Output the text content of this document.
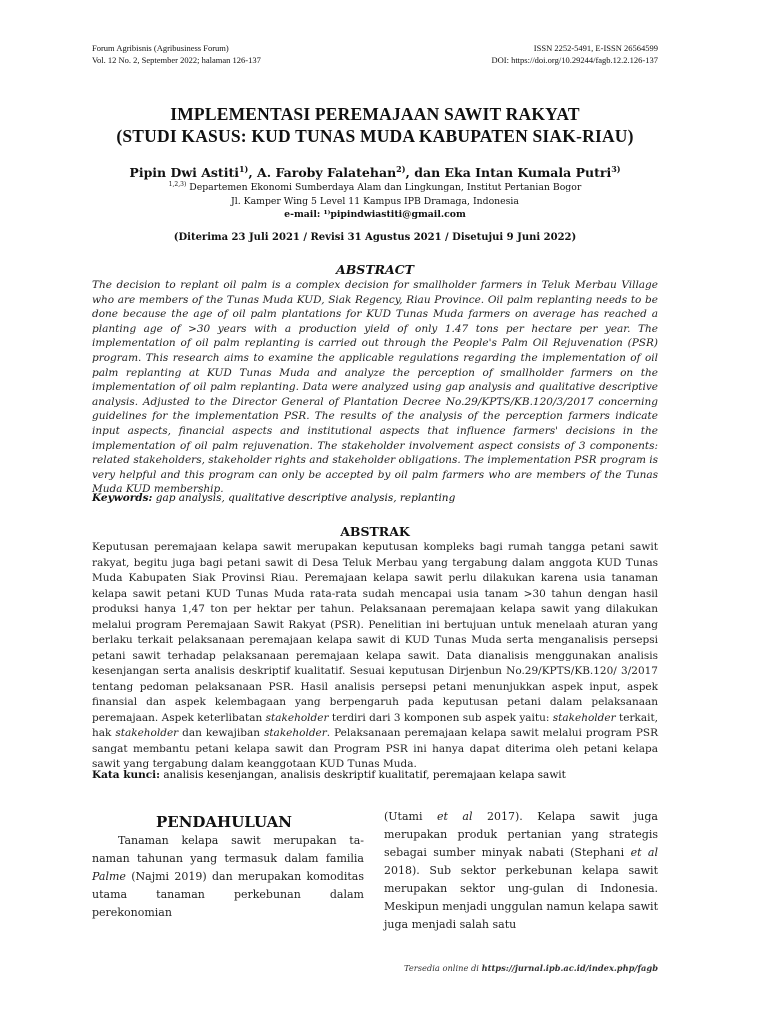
Forum Agribisnis (Agribusiness Forum)
Vol. 12 No. 2, September 2022; halaman 126-137
ISSN 2252-5491, E-ISSN 26564599
DOI: https://doi.org/10.29244/fagb.12.2.126-137
IMPLEMENTASI PEREMAJAAN SAWIT RAKYAT
(STUDI KASUS: KUD TUNAS MUDA KABUPATEN SIAK-RIAU)
Pipin Dwi Astiti$^{1)}$, A. Faroby Falatehan$^{2)}$, dan Eka Intan Kumala Putri$^{3)}$
$^{1,2,3)}$ Departemen Ekonomi Sumberdaya Alam dan Lingkungan, Institut Pertanian Bogor
Jl. Kamper Wing 5 Level 11 Kampus IPB Dramaga, Indonesia
e-mail: ¹⁾pipindwiastiti@gmail.com
(Diterima 23 Juli 2021 / Revisi 31 Agustus 2021 / Disetujui 9 Juni 2022)
ABSTRACT
The decision to replant oil palm is a complex decision for smallholder farmers in Teluk Merbau Village who are members of the Tunas Muda KUD, Siak Regency, Riau Province. Oil palm replanting needs to be done because the age of oil palm plantations for KUD Tunas Muda farmers on average has reached a planting age of >30 years with a production yield of only 1.47 tons per hectare per year. The implementation of oil palm replanting is carried out through the People's Palm Oil Rejuvenation (PSR) program. This research aims to examine the applicable regulations regarding the implementation of oil palm replanting at KUD Tunas Muda and analyze the perception of smallholder farmers on the implementation of oil palm replanting. Data were analyzed using gap analysis and qualitative descriptive analysis. Adjusted to the Director General of Plantation Decree No.29/KPTS/KB.120/3/2017 concerning guidelines for the implementation PSR. The results of the analysis of the perception farmers indicate input aspects, financial aspects and institutional aspects that influence farmers' decisions in the implementation of oil palm rejuvenation. The stakeholder involvement aspect consists of 3 components: related stakeholders, stakeholder rights and stakeholder obligations. The implementation PSR program is very helpful and this program can only be accepted by oil palm farmers who are members of the Tunas Muda KUD membership.
Keywords: gap analysis, qualitative descriptive analysis, replanting
ABSTRAK
Keputusan peremajaan kelapa sawit merupakan keputusan kompleks bagi rumah tangga petani sawit rakyat, begitu juga bagi petani sawit di Desa Teluk Merbau yang tergabung dalam anggota KUD Tunas Muda Kabupaten Siak Provinsi Riau. Peremajaan kelapa sawit perlu dilakukan karena usia tanaman kelapa sawit petani KUD Tunas Muda rata-rata sudah mencapai usia tanam >30 tahun dengan hasil produksi hanya 1,47 ton per hektar per tahun. Pelaksanaan peremajaan kelapa sawit yang dilakukan melalui program Peremajaan Sawit Rakyat (PSR). Penelitian ini bertujuan untuk menelaah aturan yang berlaku terkait pelaksanaan peremajaan kelapa sawit di KUD Tunas Muda serta menganalisis persepsi petani sawit terhadap pelaksanaan peremajaan kelapa sawit. Data dianalisis menggunakan analisis kesenjangan serta analisis deskriptif kualitatif. Sesuai keputusan Dirjenbun No.29/KPTS/KB.120/ 3/2017 tentang pedoman pelaksanaan PSR. Hasil analisis persepsi petani menunjukkan aspek input, aspek finansial dan aspek kelembagaan yang berpengaruh pada keputusan petani dalam pelaksanaan peremajaan. Aspek keterlibatan stakeholder terdiri dari 3 komponen sub aspek yaitu: stakeholder terkait, hak stakeholder dan kewajiban stakeholder. Pelaksanaan peremajaan kelapa sawit melalui program PSR sangat membantu petani kelapa sawit dan Program PSR ini hanya dapat diterima oleh petani kelapa sawit yang tergabung dalam keanggotaan KUD Tunas Muda.
Kata kunci: analisis kesenjangan, analisis deskriptif kualitatif, peremajaan kelapa sawit
PENDAHULUAN
Tanaman kelapa sawit merupakan ta-naman tahunan yang termasuk dalam familia Palme (Najmi 2019) dan merupakan komoditas utama tanaman perkebunan dalam perekonomian
(Utami et al 2017). Kelapa sawit juga merupakan produk pertanian yang strategis sebagai sumber minyak nabati (Stephani et al 2018). Sub sektor perkebunan kelapa sawit merupakan sektor ung-gulan di Indonesia. Meskipun menjadi unggulan namun kelapa sawit juga menjadi salah satu
Tersedia online di https://jurnal.ipb.ac.id/index.php/fagb
